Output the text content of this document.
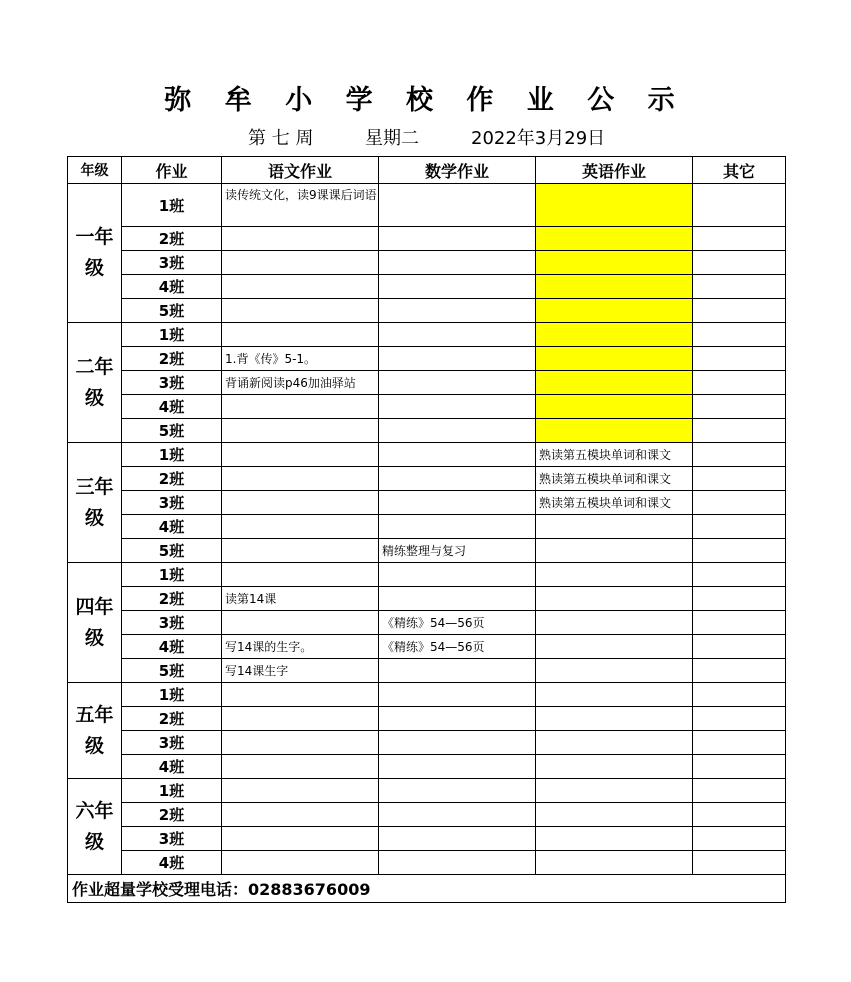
弥 牟 小 学 校 作 业 公 示
第 七 周	星期二	2022年3月29日
年级	作业	语文作业	数学作业	英语作业	其它
一年级	1班	读传统文化，读9课课后词语			
	2班				
	3班				
	4班				
	5班				
二年级	1班				
	2班	1.背《传》5-1。			
	3班	背诵新阅读p46加油驿站			
	4班				
	5班				
三年级	1班			熟读第五模块单词和课文	
	2班			熟读第五模块单词和课文	
	3班			熟读第五模块单词和课文	
	4班				
	5班		精练整理与复习		
四年级	1班				
	2班	读第14课			
	3班		《精练》54—56页		
	4班	写14课的生字。	《精练》54—56页		
	5班	写14课生字			
五年级	1班				
	2班				
	3班				
	4班				
六年级	1班				
	2班				
	3班				
	4班				
作业超量学校受理电话：02883676009					
